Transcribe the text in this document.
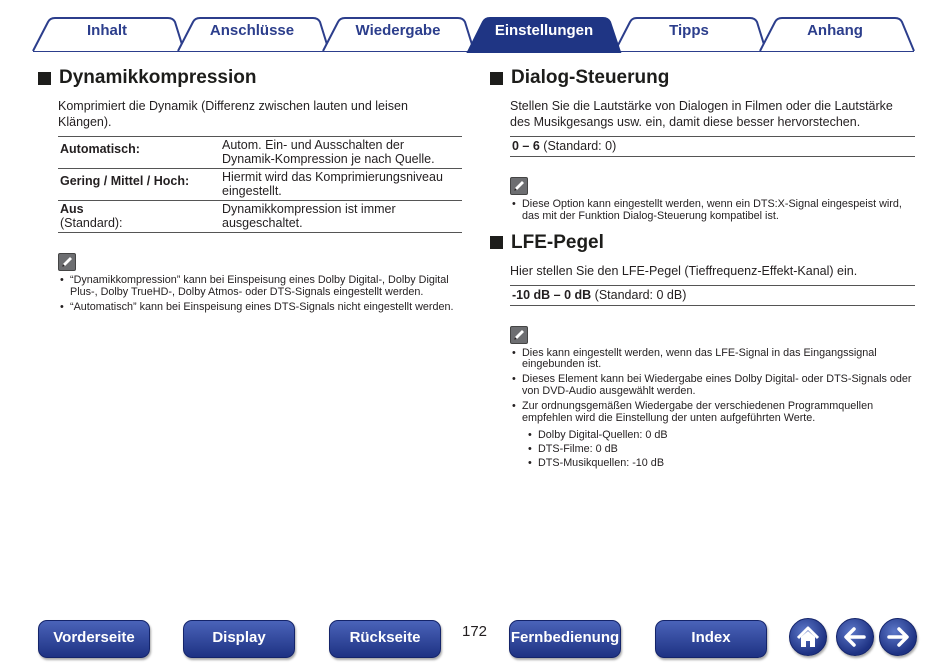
Inhalt	Anschlüsse	Wiedergabe	Einstellungen	Tipps	Anhang
Dynamikkompression
Komprimiert die Dynamik (Differenz zwischen lauten und leisen Klängen).
Automatisch:	Autom. Ein- und Ausschalten der Dynamik-Kompression je nach Quelle.
Gering / Mittel / Hoch:	Hiermit wird das Komprimierungsniveau eingestellt.
Aus
(Standard):	Dynamikkompression ist immer ausgeschaltet.
• “Dynamikkompression” kann bei Einspeisung eines Dolby Digital-, Dolby Digital Plus-, Dolby TrueHD-, Dolby Atmos- oder DTS-Signals eingestellt werden.
• “Automatisch” kann bei Einspeisung eines DTS-Signals nicht eingestellt werden.
Dialog-Steuerung
Stellen Sie die Lautstärke von Dialogen in Filmen oder die Lautstärke des Musikgesangs usw. ein, damit diese besser hervorstechen.
0 – 6 (Standard: 0)
• Diese Option kann eingestellt werden, wenn ein DTS:X-Signal eingespeist wird, das mit der Funktion Dialog-Steuerung kompatibel ist.
LFE-Pegel
Hier stellen Sie den LFE-Pegel (Tieffrequenz-Effekt-Kanal) ein.
-10 dB – 0 dB (Standard: 0 dB)
• Dies kann eingestellt werden, wenn das LFE-Signal in das Eingangssignal eingebunden ist.
• Dieses Element kann bei Wiedergabe eines Dolby Digital- oder DTS-Signals oder von DVD-Audio ausgewählt werden.
• Zur ordnungsgemäßen Wiedergabe der verschiedenen Programmquellen empfehlen wird die Einstellung der unten aufgeführten Werte.
• Dolby Digital-Quellen: 0 dB
• DTS-Filme: 0 dB
• DTS-Musikquellen: -10 dB
Vorderseite	Display	Rückseite	172 Fernbedienung	Index
